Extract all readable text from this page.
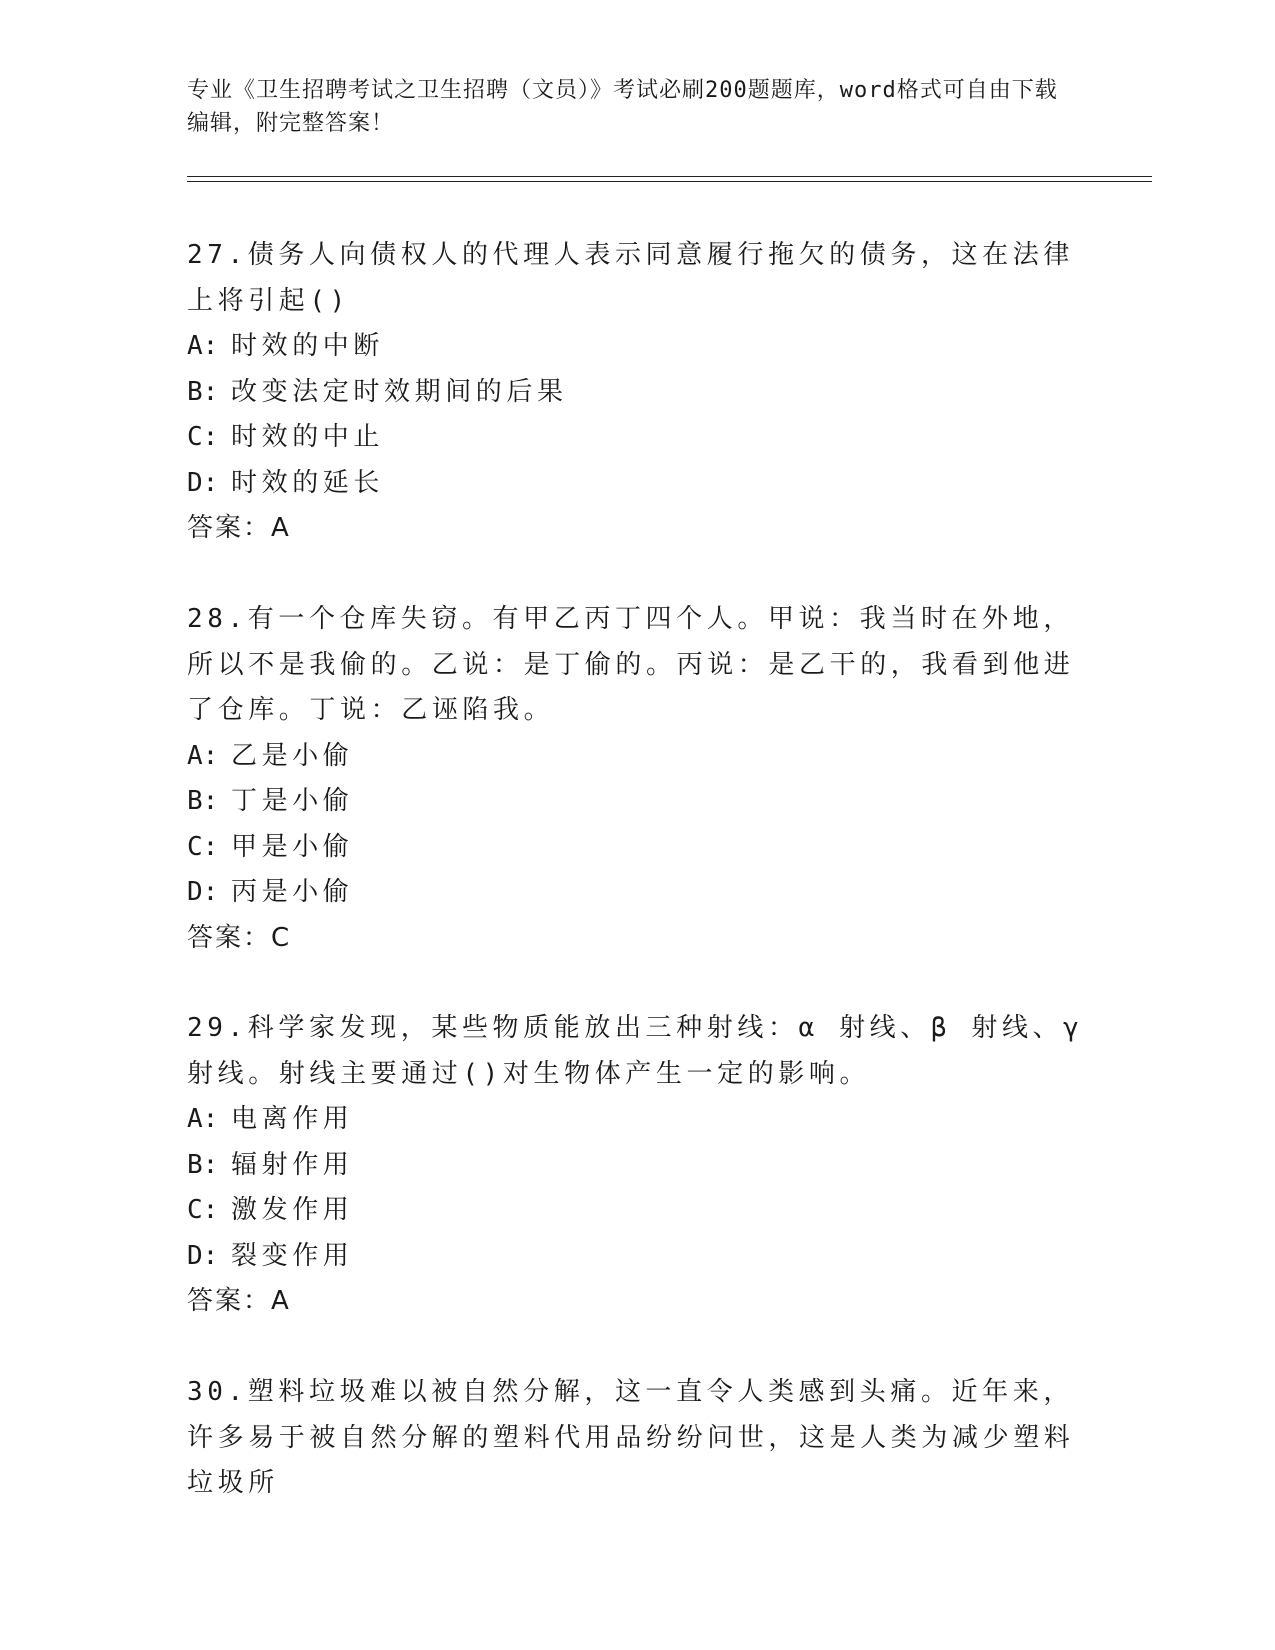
专业《卫生招聘考试之卫生招聘（文员）》考试必刷200题题库，word格式可自由下载编辑，附完整答案！

27.债务人向债权人的代理人表示同意履行拖欠的债务，这在法律上将引起()

A: 时效的中断

B: 改变法定时效期间的后果

C: 时效的中止

D: 时效的延长

答案：A

28.有一个仓库失窃。有甲乙丙丁四个人。甲说：我当时在外地，所以不是我偷的。乙说：是丁偷的。丙说：是乙干的，我看到他进了仓库。丁说：乙诬陷我。

A: 乙是小偷

B: 丁是小偷

C: 甲是小偷

D: 丙是小偷

答案：C

29.科学家发现，某些物质能放出三种射线：α 射线、β 射线、γ 射线。射线主要通过()对生物体产生一定的影响。

A: 电离作用

B: 辐射作用

C: 激发作用

D: 裂变作用

答案：A

30.塑料垃圾难以被自然分解，这一直令人类感到头痛。近年来，许多易于被自然分解的塑料代用品纷纷问世，这是人类为减少塑料垃圾所
